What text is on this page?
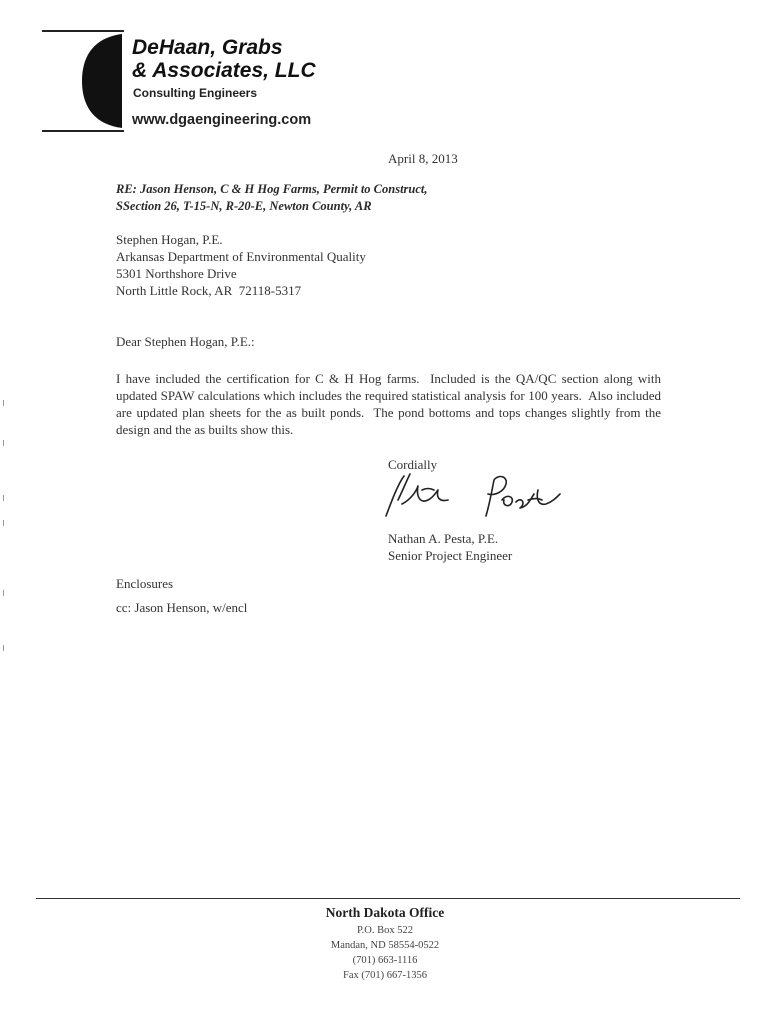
DeHaan, Grabs
& Associates, LLC
Consulting Engineers
www.dgaengineering.com
April 8, 2013
RE: Jason Henson, C & H Hog Farms, Permit to Construct,
SSection 26, T-15-N, R-20-E, Newton County, AR
Stephen Hogan, P.E.
Arkansas Department of Environmental Quality
5301 Northshore Drive
North Little Rock, AR  72118-5317
Dear Stephen Hogan, P.E.:
I have included the certification for C & H Hog farms.  Included is the QA/QC section along with updated SPAW calculations which includes the required statistical analysis for 100 years.  Also included are updated plan sheets for the as built ponds.  The pond bottoms and tops changes slightly from the design and the as builts show this.
Cordially
Nathan A. Pesta, P.E.
Senior Project Engineer
Enclosures
cc: Jason Henson, w/encl
North Dakota Office
P.O. Box 522
Mandan, ND 58554-0522
(701) 663-1116
Fax (701) 667-1356
